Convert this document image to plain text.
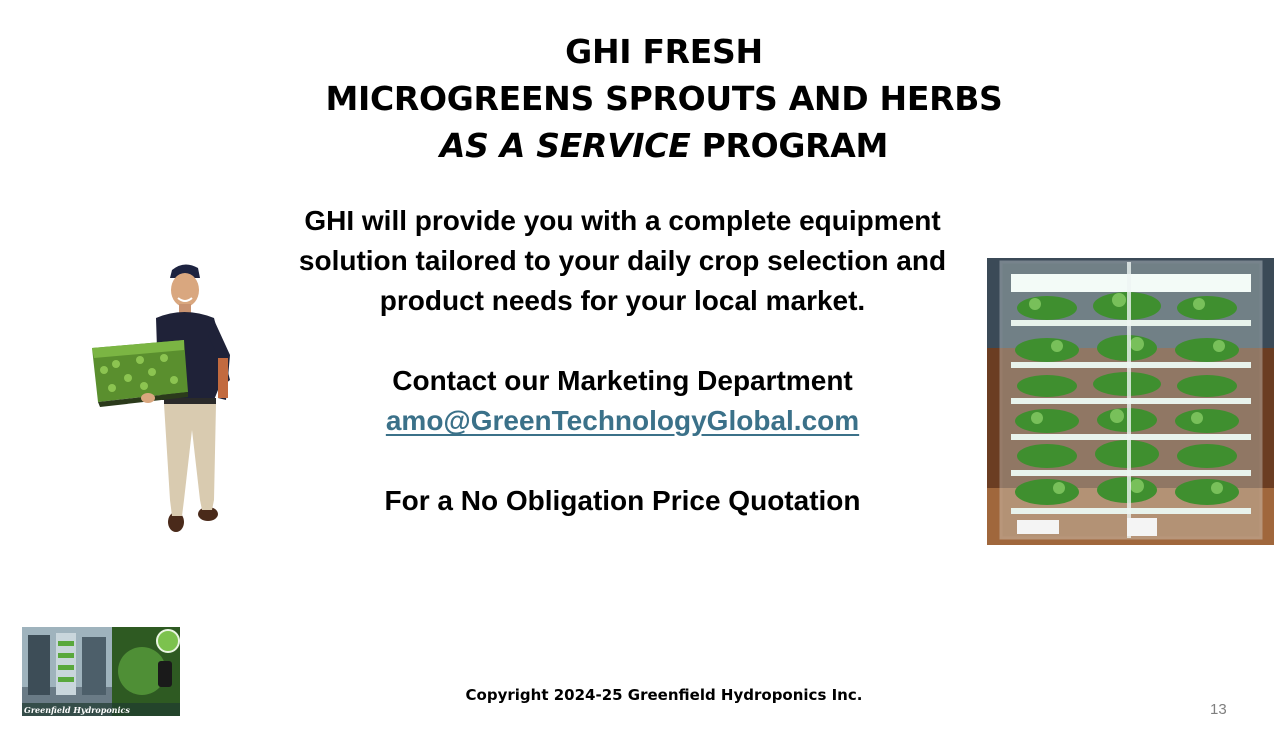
GHI FRESH
MICROGREENS SPROUTS AND HERBS
AS A SERVICE PROGRAM
GHI will provide you with a complete equipment
solution tailored to your daily crop selection and
product needs for your local market.
Contact our Marketing Department
amo@GreenTechnologyGlobal.com
For a No Obligation Price Quotation
Greenfield Hydroponics
Copyright 2024-25 Greenfield Hydroponics Inc.
13
